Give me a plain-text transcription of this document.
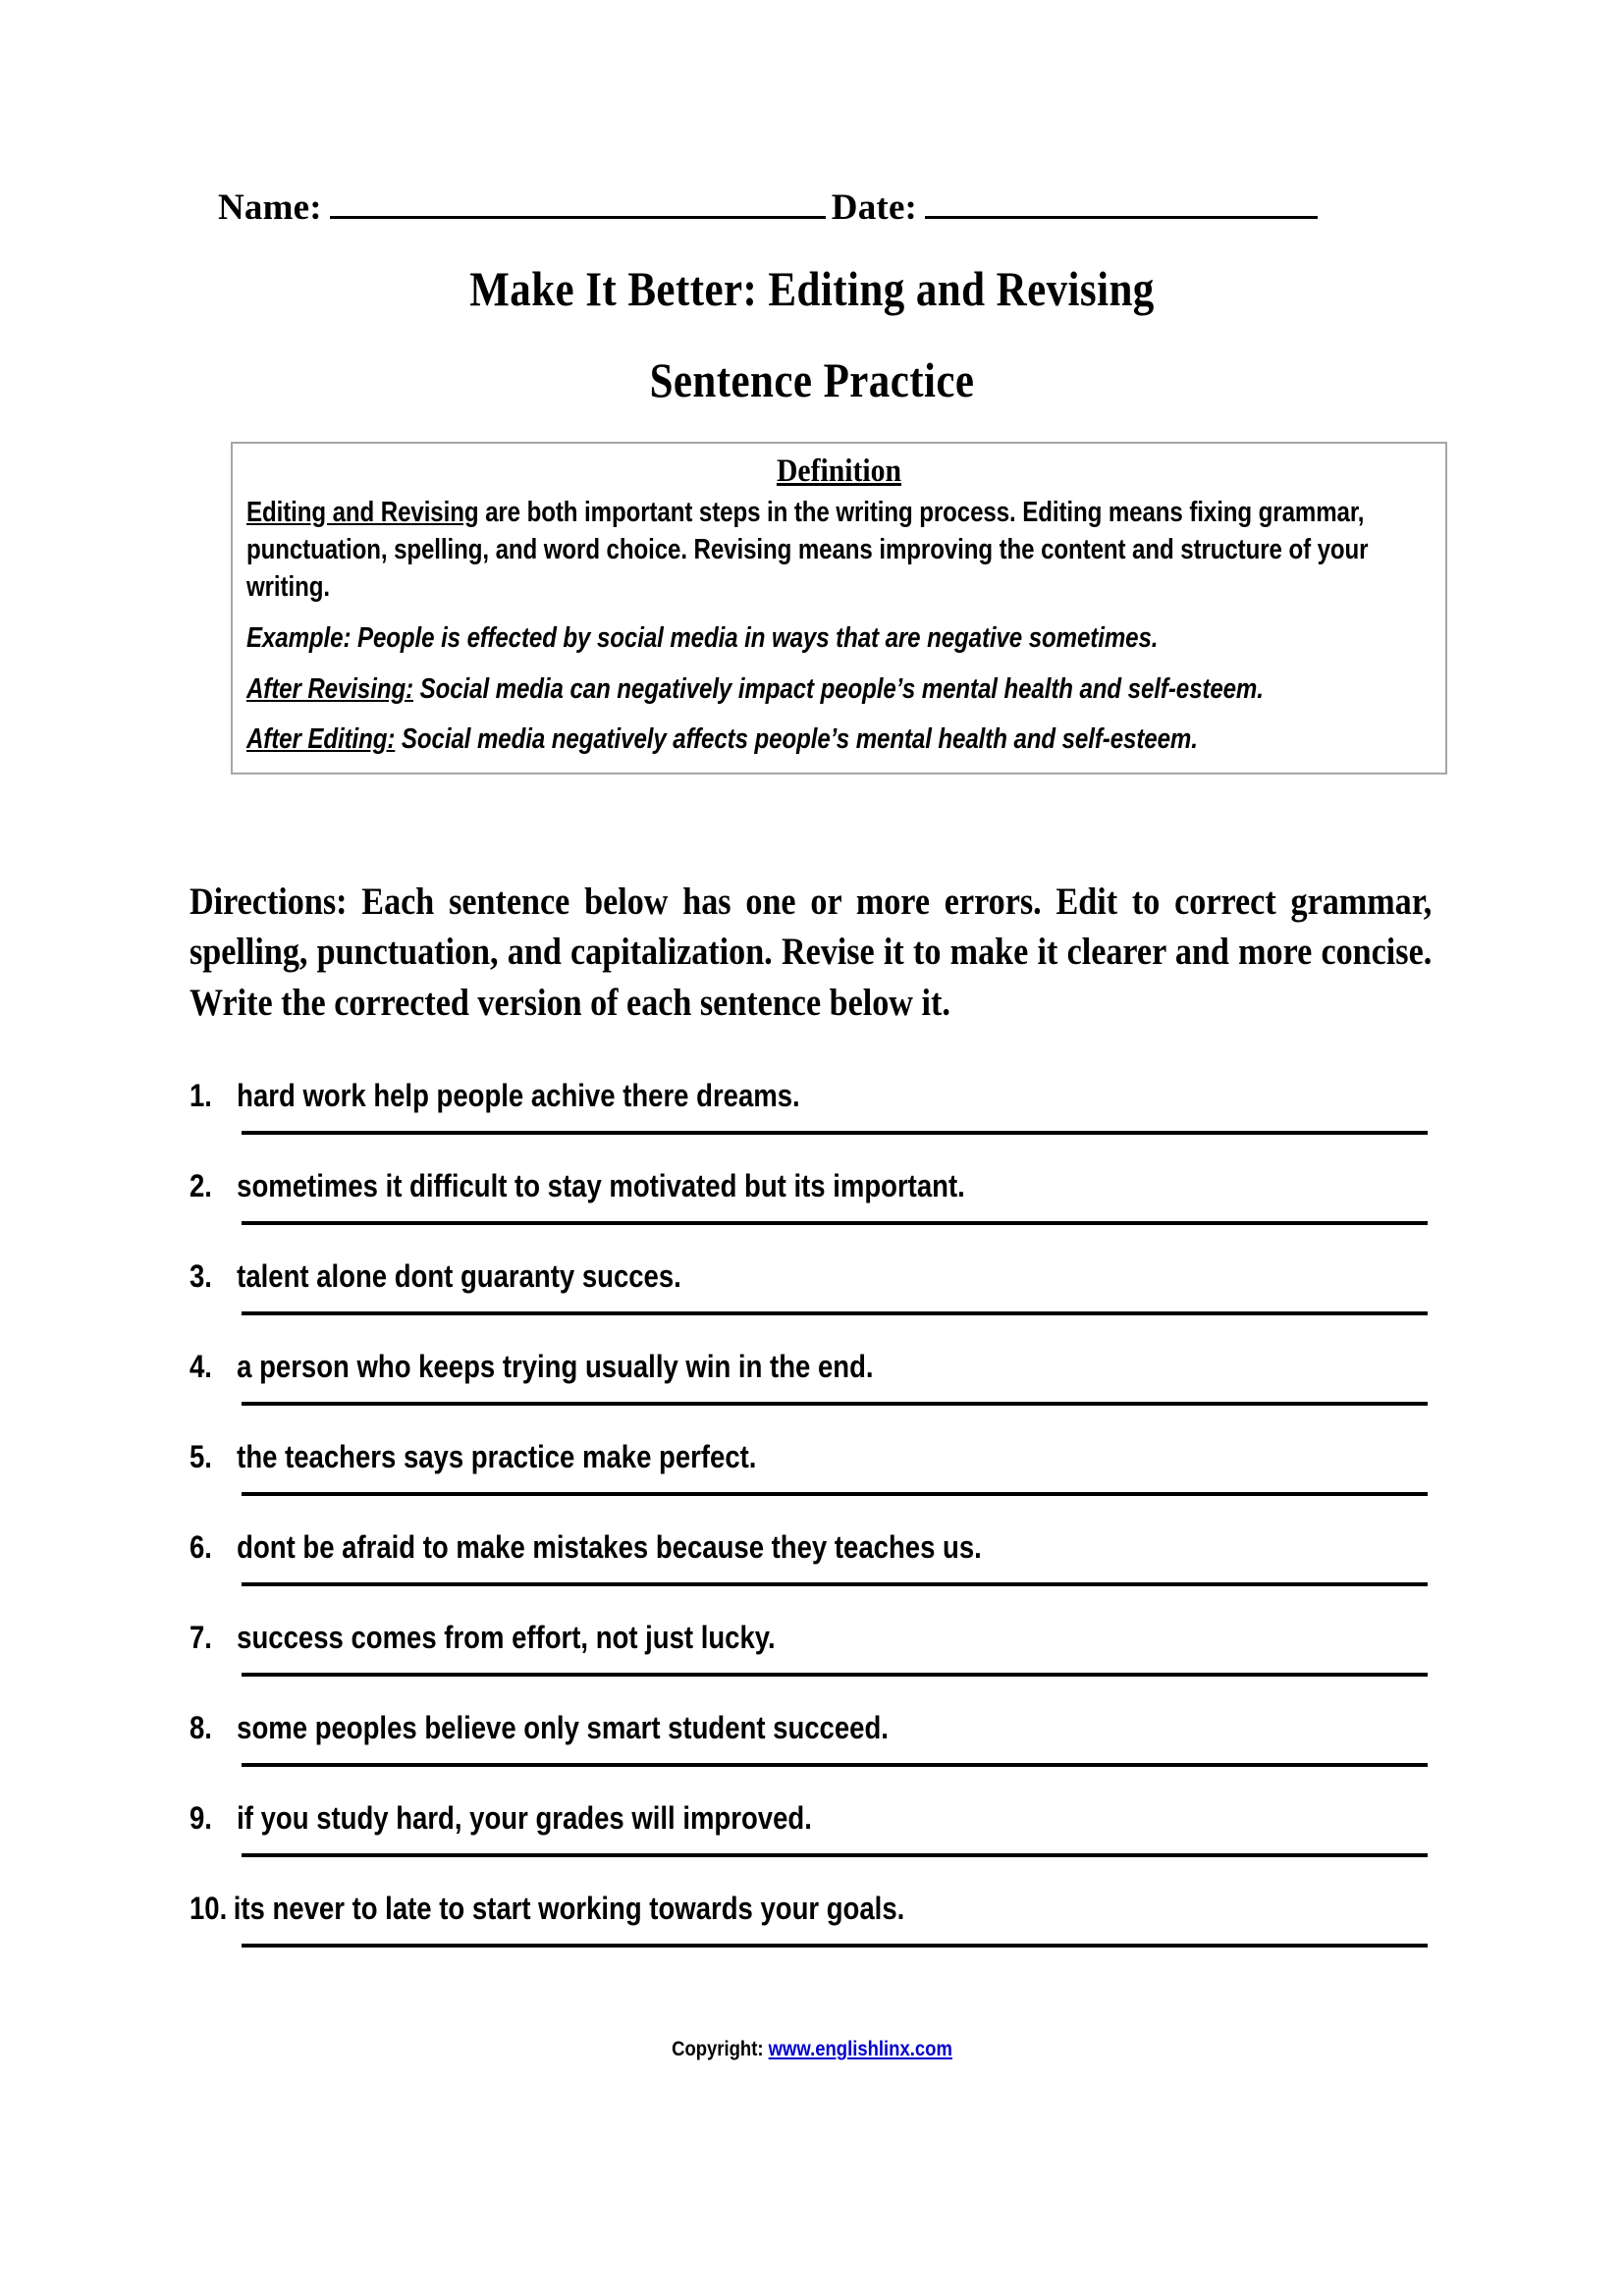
Name:	Date:
Make It Better: Editing and Revising
Sentence Practice
Definition

Editing and Revising are both important steps in the writing process. Editing means fixing grammar, punctuation, spelling, and word choice. Revising means improving the content and structure of your writing.

Example: People is effected by social media in ways that are negative sometimes.

After Revising: Social media can negatively impact people’s mental health and self-esteem.

After Editing: Social media negatively affects people’s mental health and self-esteem.

Directions: Each sentence below has one or more errors. Edit to correct grammar, spelling, punctuation, and capitalization. Revise it to make it clearer and more concise. Write the corrected version of each sentence below it.
1. hard work help people achive there dreams.
2. sometimes it difficult to stay motivated but its important.
3. talent alone dont guaranty succes.
4. a person who keeps trying usually win in the end.
5. the teachers says practice make perfect.
6. dont be afraid to make mistakes because they teaches us.
7. success comes from effort, not just lucky.
8. some peoples believe only smart student succeed.
9. if you study hard, your grades will improved.
10. its never to late to start working towards your goals.
Copyright: www.englishlinx.com
